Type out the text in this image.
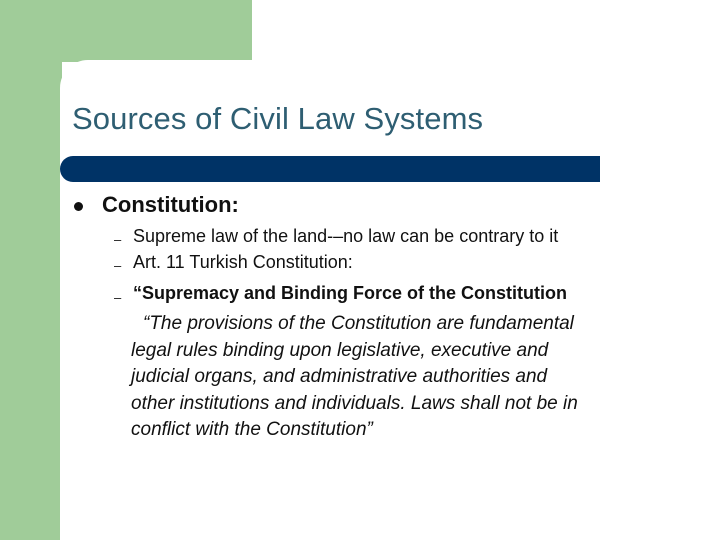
Sources of Civil Law Systems
Constitution:
– Supreme law of the land-–no law can be contrary to it
– Art. 11 Turkish Constitution:
– “Supremacy and Binding Force of the Constitution
“The provisions of the Constitution are fundamental
legal rules binding upon legislative, executive and
judicial organs, and administrative authorities and
other institutions and individuals. Laws shall not be in
conflict with the Constitution”
